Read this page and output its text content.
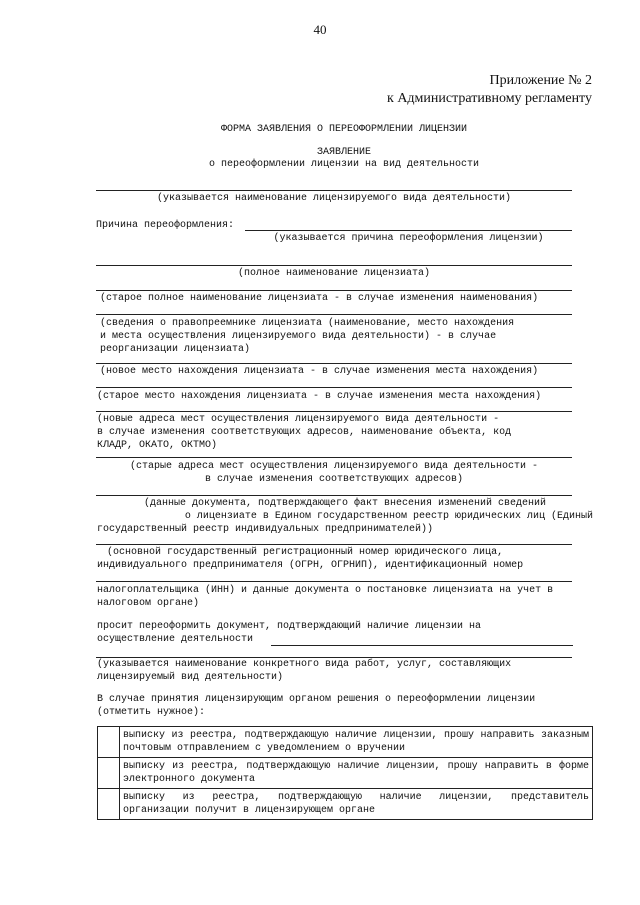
40
Приложение № 2
к Административному регламенту
ФОРМА ЗАЯВЛЕНИЯ О ПЕРЕОФОРМЛЕНИИ ЛИЦЕНЗИИ
ЗАЯВЛЕНИЕ
о переоформлении лицензии на вид деятельности
(указывается наименование лицензируемого вида деятельности)
Причина переоформления:
(указывается причина переоформления лицензии)
(полное наименование лицензиата)
(старое полное наименование лицензиата - в случае изменения наименования)
(сведения о правопреемнике лицензиата (наименование, место нахождения
и места осуществления лицензируемого вида деятельности) - в случае
реорганизации лицензиата)
(новое место нахождения лицензиата - в случае изменения места нахождения)
(старое место нахождения лицензиата - в случае изменения места нахождения)
(новые адреса мест осуществления лицензируемого вида деятельности -
в случае изменения соответствующих адресов, наименование объекта, код
КЛАДР, ОКАТО, ОКТМО)
(старые адреса мест осуществления лицензируемого вида деятельности -
в случае изменения соответствующих адресов)
(данные документа, подтверждающего факт внесения изменений сведений
о лицензиате в Едином государственном реестр юридических лиц (Единый
государственный реестр индивидуальных предпринимателей))
(основной государственный регистрационный номер юридического лица,
индивидуального предпринимателя (ОГРН, ОГРНИП), идентификационный номер
налогоплательщика (ИНН) и данные документа о постановке лицензиата на учет в
налоговом органе)
просит переоформить документ, подтверждающий наличие лицензии на
осуществление деятельности
(указывается наименование конкретного вида работ, услуг, составляющих
лицензируемый вид деятельности)
В случае принятия лицензирующим органом решения о переоформлении лицензии
(отметить нужное):
	выписку из реестра, подтверждающую наличие лицензии, прошу направить заказным почтовым отправлением с уведомлением о вручении
	выписку из реестра, подтверждающую наличие лицензии, прошу направить в форме электронного документа
	выписку из реестра, подтверждающую наличие лицензии, представитель организации получит в лицензирующем органе
